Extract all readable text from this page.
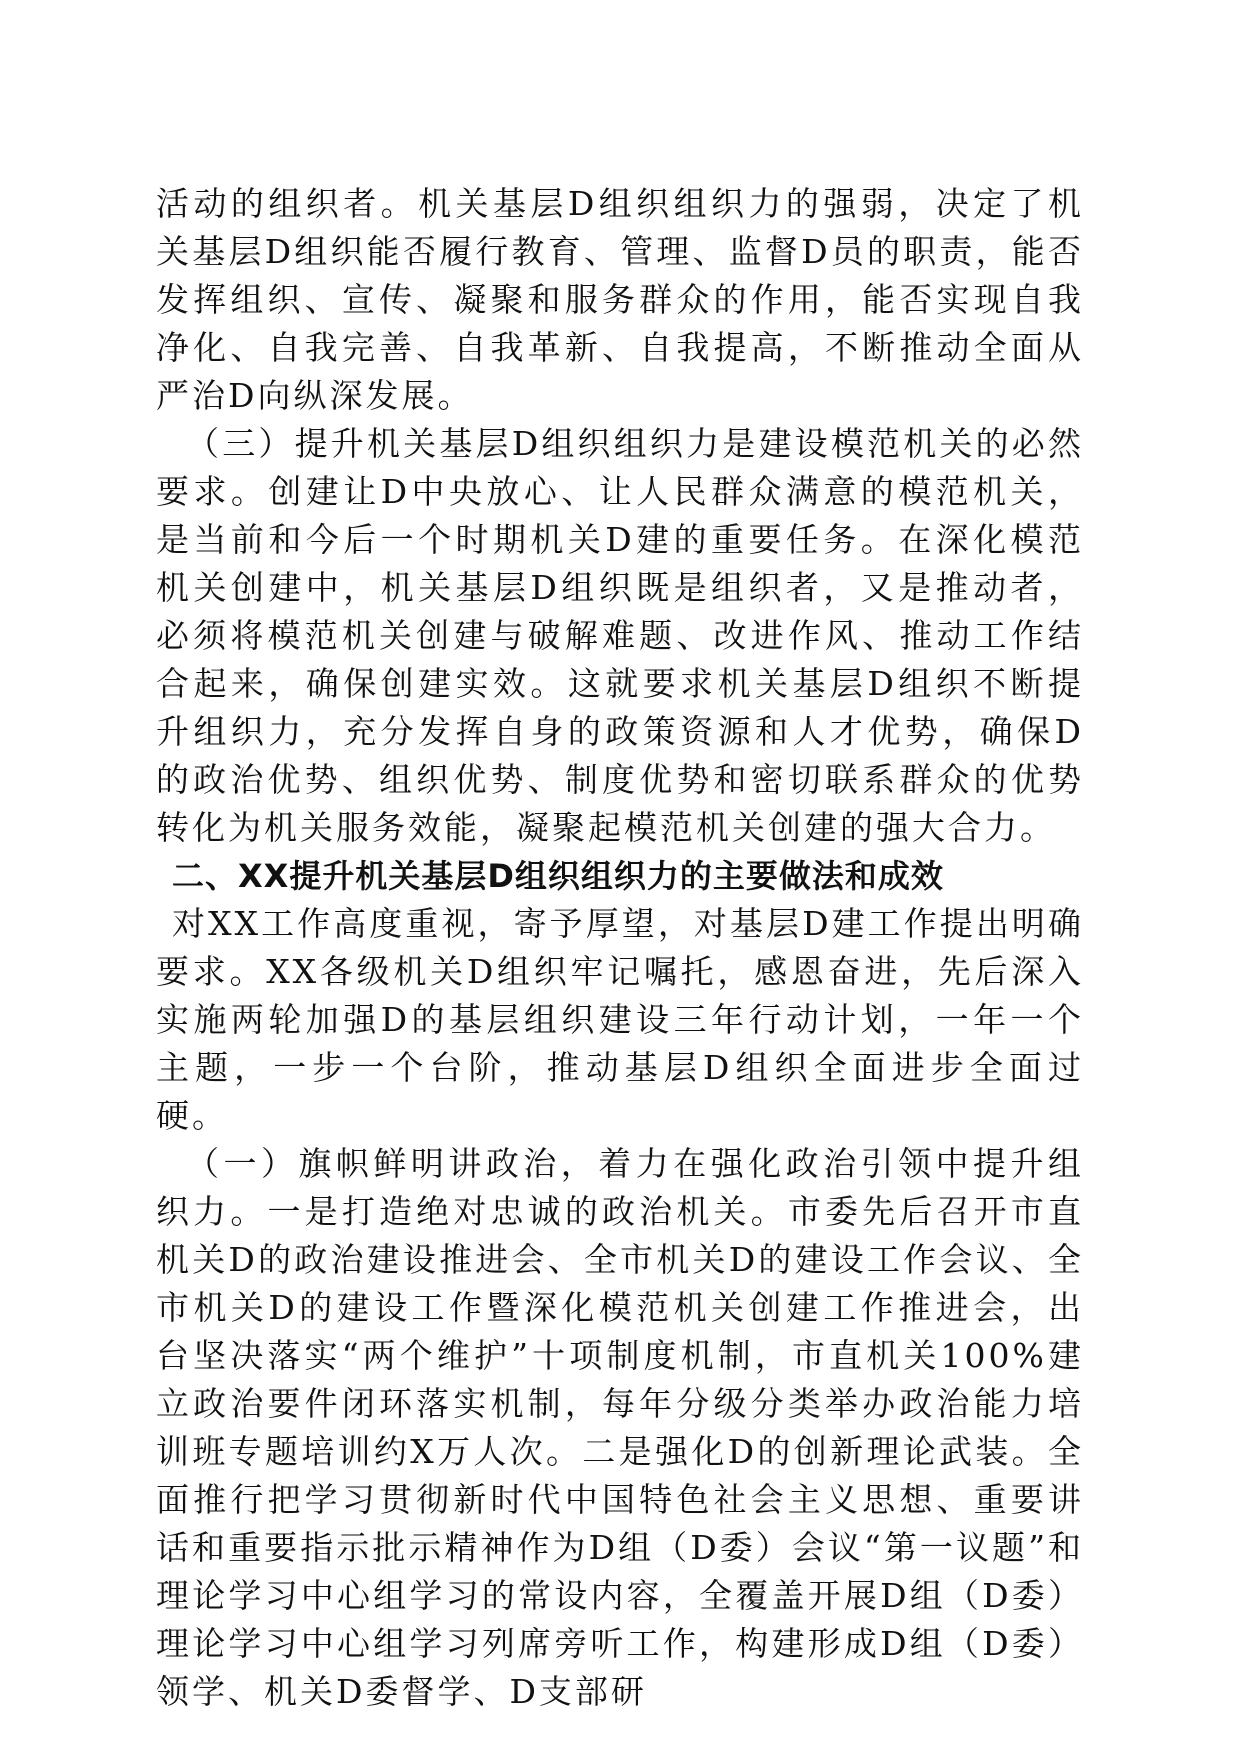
活动的组织者。机关基层D组织组织力的强弱，决定了机关基层D组织能否履行教育、管理、监督D员的职责，能否发挥组织、宣传、凝聚和服务群众的作用，能否实现自我净化、自我完善、自我革新、自我提高，不断推动全面从严治D向纵深发展。

（三）提升机关基层D组织组织力是建设模范机关的必然要求。创建让D中央放心、让人民群众满意的模范机关，是当前和今后一个时期机关D建的重要任务。在深化模范机关创建中，机关基层D组织既是组织者，又是推动者，必须将模范机关创建与破解难题、改进作风、推动工作结合起来，确保创建实效。这就要求机关基层D组织不断提升组织力，充分发挥自身的政策资源和人才优势，确保D的政治优势、组织优势、制度优势和密切联系群众的优势转化为机关服务效能，凝聚起模范机关创建的强大合力。

二、XX提升机关基层D组织组织力的主要做法和成效

对XX工作高度重视，寄予厚望，对基层D建工作提出明确要求。XX各级机关D组织牢记嘱托，感恩奋进，先后深入实施两轮加强D的基层组织建设三年行动计划，一年一个主题，一步一个台阶，推动基层D组织全面进步全面过硬。

（一）旗帜鲜明讲政治，着力在强化政治引领中提升组织力。一是打造绝对忠诚的政治机关。市委先后召开市直机关D的政治建设推进会、全市机关D的建设工作会议、全市机关D的建设工作暨深化模范机关创建工作推进会，出台坚决落实“两个维护”十项制度机制，市直机关100%建立政治要件闭环落实机制，每年分级分类举办政治能力培训班专题培训约X万人次。二是强化D的创新理论武装。全面推行把学习贯彻新时代中国特色社会主义思想、重要讲话和重要指示批示精神作为D组（D委）会议“第一议题”和理论学习中心组学习的常设内容，全覆盖开展D组（D委）理论学习中心组学习列席旁听工作，构建形成D组（D委）领学、机关D委督学、D支部研
